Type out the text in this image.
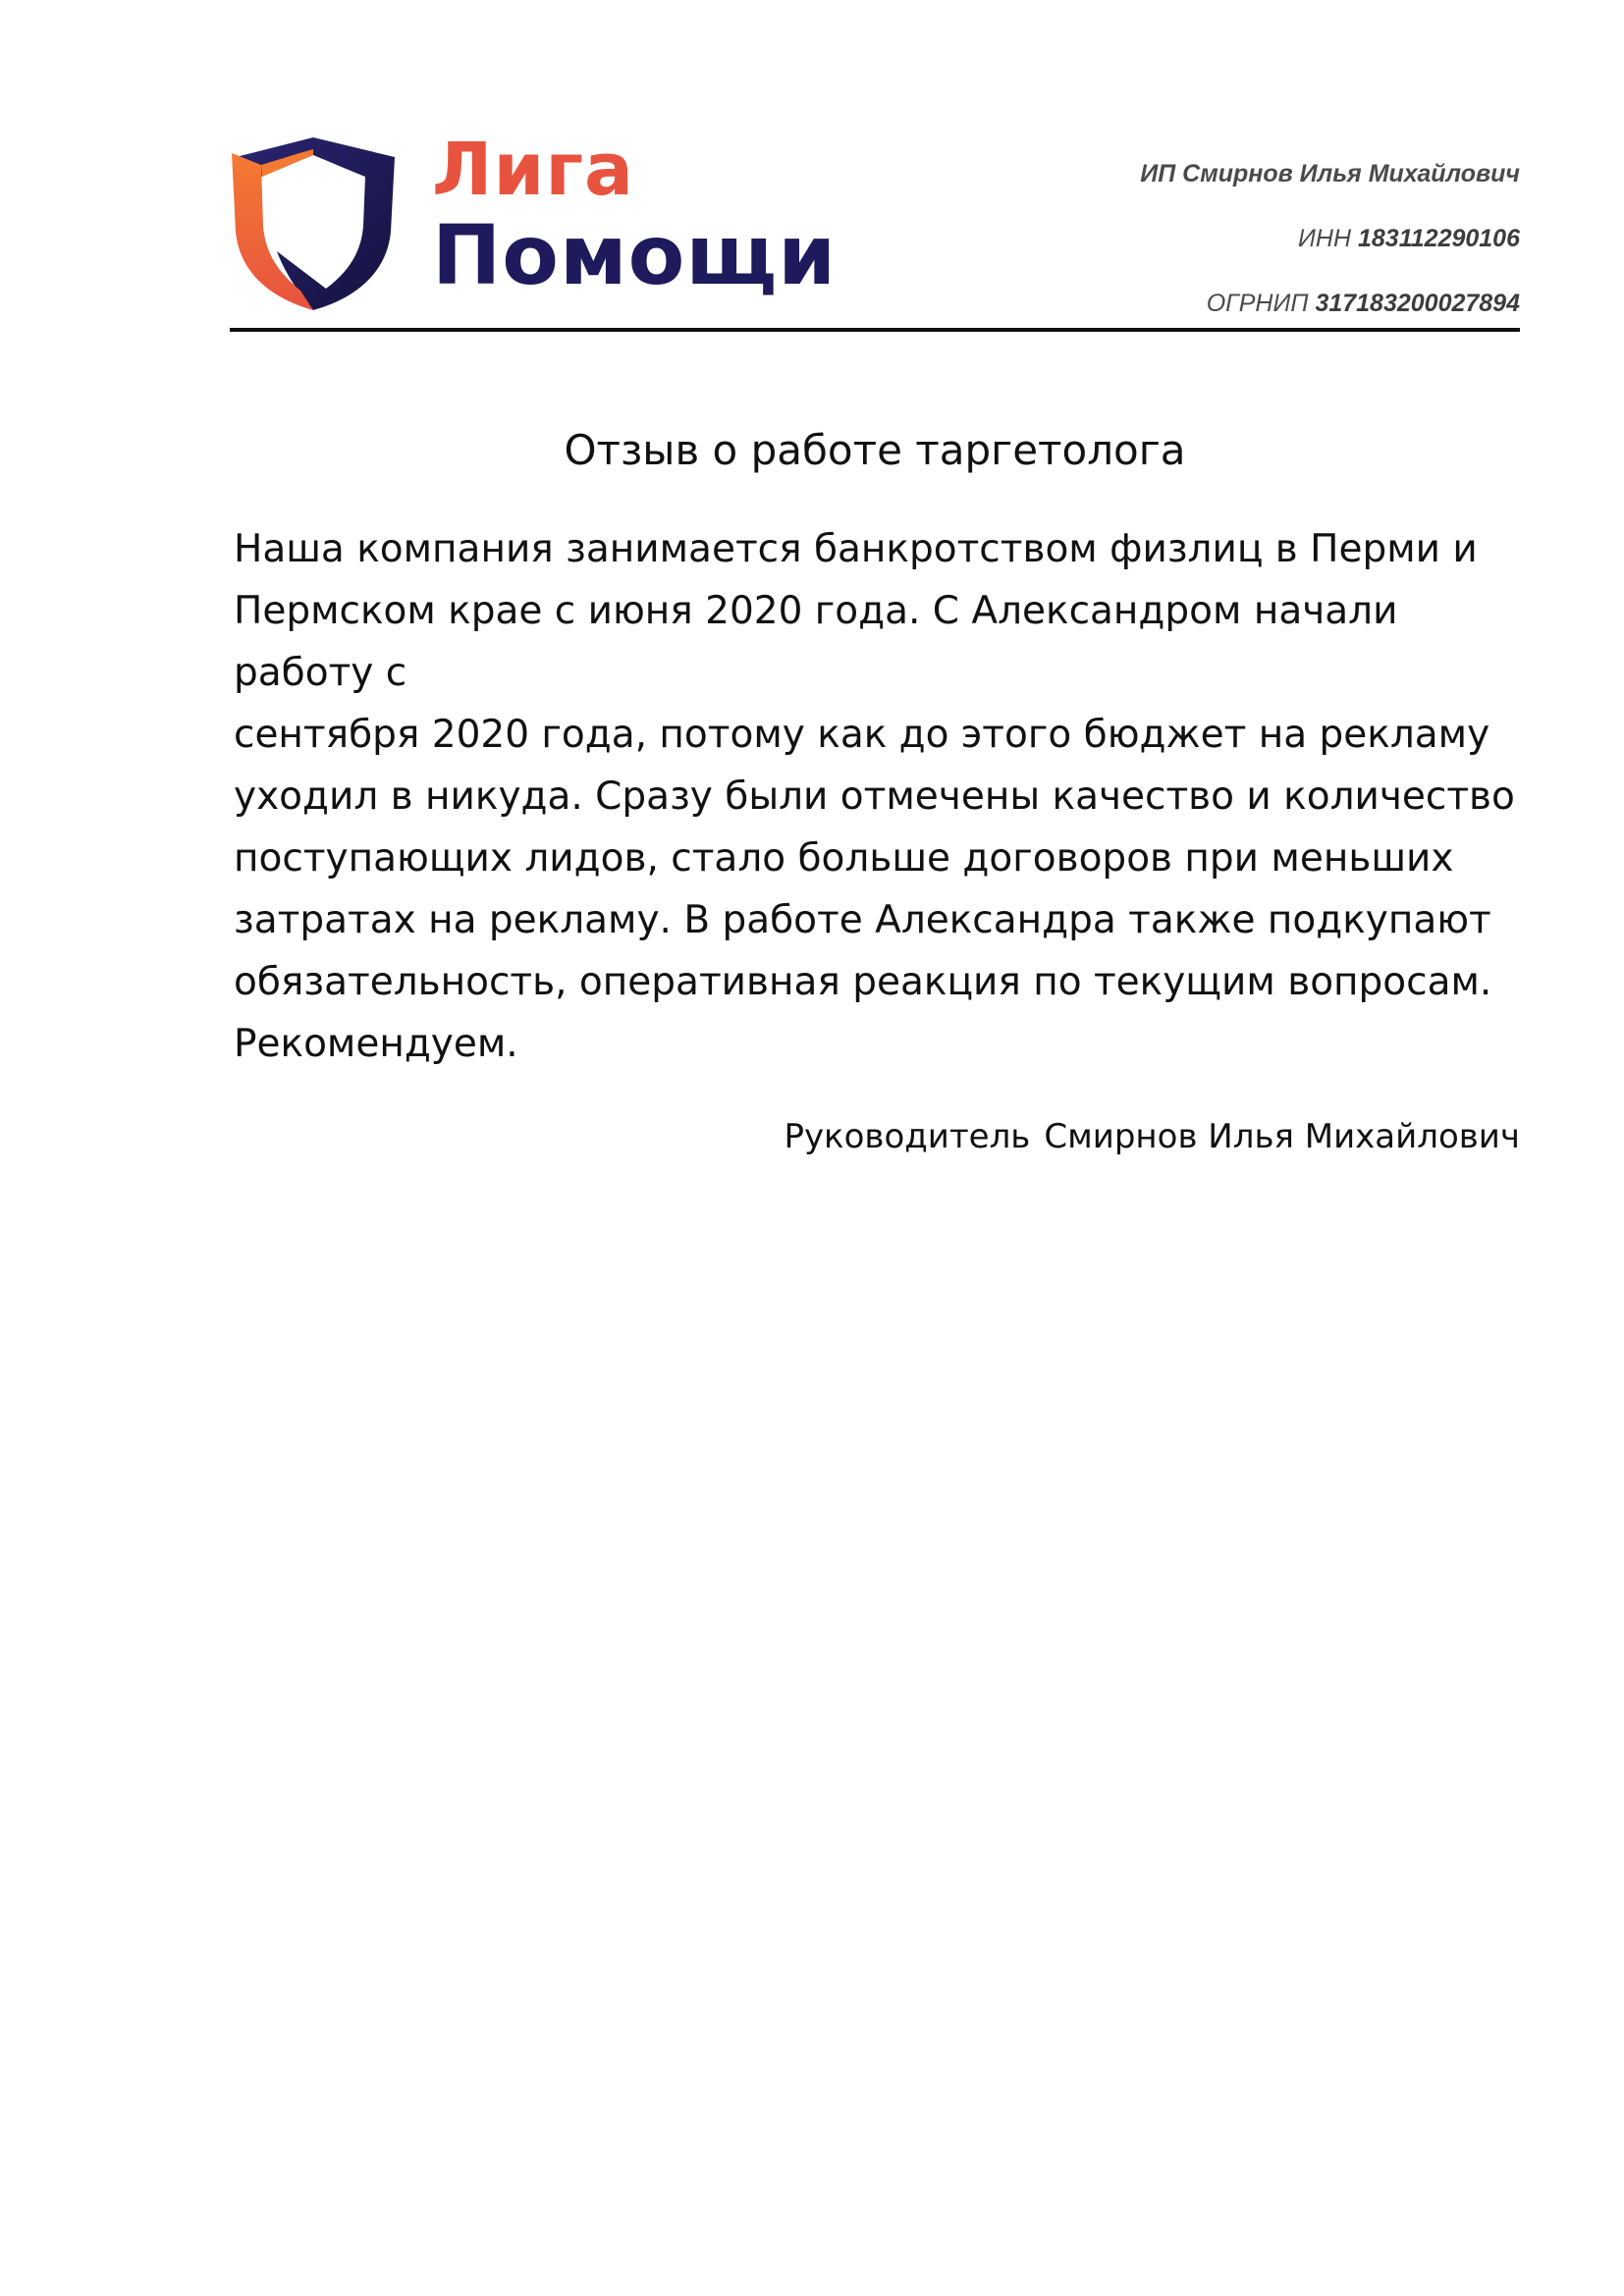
Лига
Помощи
ИП Смирнов Илья Михайлович
ИНН 183112290106
ОГРНИП 317183200027894
Отзыв о работе таргетолога
Наша компания занимается банкротством физлиц в Перми и
Пермском крае с июня 2020 года. С Александром начали работу с
сентября 2020 года, потому как до этого бюджет на рекламу
уходил в никуда. Сразу были отмечены качество и количество
поступающих лидов, стало больше договоров при меньших
затратах на рекламу. В работе Александра также подкупают
обязательность, оперативная реакция по текущим вопросам.
Рекомендуем.
Руководитель Смирнов Илья Михайлович
